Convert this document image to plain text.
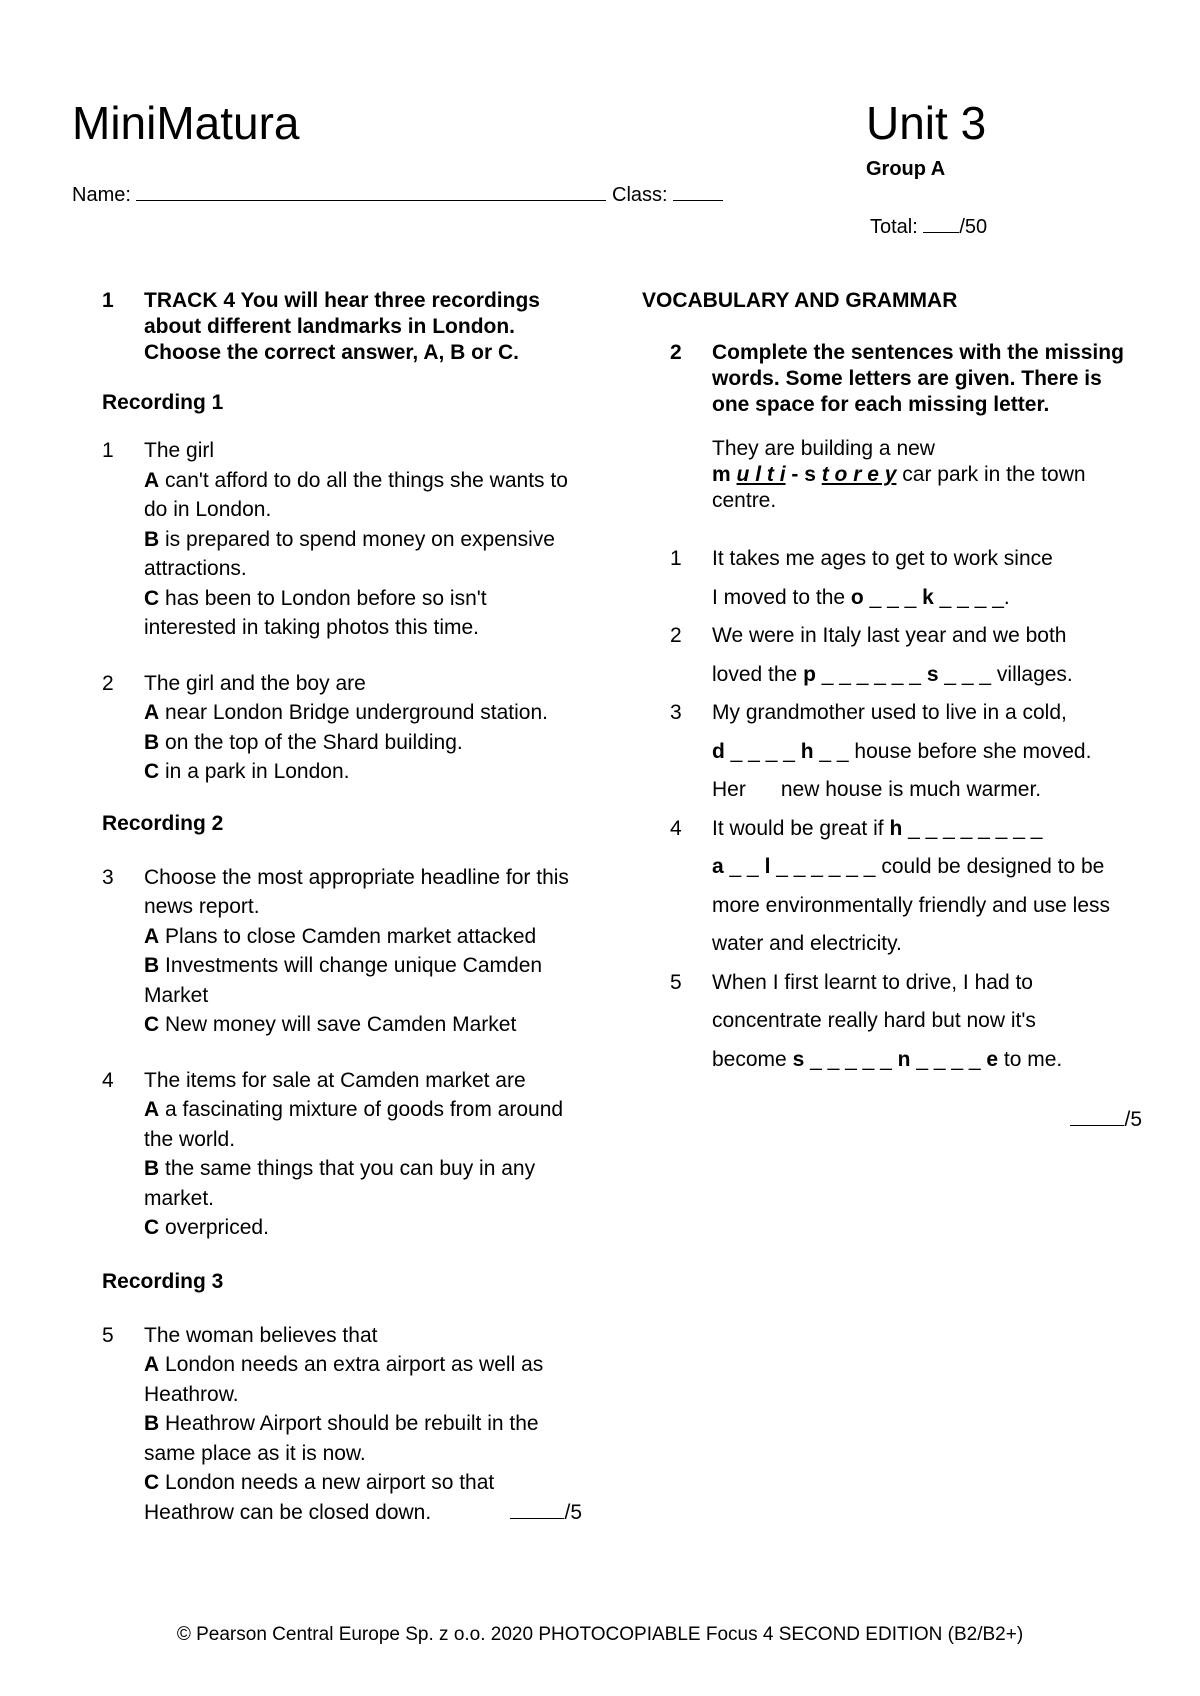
MiniMatura	Unit 3
Group A
Name:	Class:
Total: /50
1	TRACK 4 You will hear three recordings about different landmarks in London. Choose the correct answer, A, B or C.
Recording 1
1	The girl
A can't afford to do all the things she wants to do in London.
B is prepared to spend money on expensive attractions.
C has been to London before so isn't interested in taking photos this time.
2	The girl and the boy are
A near London Bridge underground station.
B on the top of the Shard building.
C in a park in London.
Recording 2
3	Choose the most appropriate headline for this news report.
A Plans to close Camden market attacked
B Investments will change unique Camden Market
C New money will save Camden Market
4	The items for sale at Camden market are
A a fascinating mixture of goods from around the world.
B the same things that you can buy in any market.
C overpriced.
Recording 3
5	The woman believes that
A London needs an extra airport as well as Heathrow.
B Heathrow Airport should be rebuilt in the same place as it is now.
C London needs a new airport so that Heathrow can be closed down.	/5
VOCABULARY AND GRAMMAR
2	Complete the sentences with the missing words. Some letters are given. There is one space for each missing letter.
They are building a new
m u l t i - s t o r e y car park in the town centre.
1	It takes me ages to get to work since
I moved to the o _ _ _ k _ _ _ _.
2	We were in Italy last year and we both
loved the p _ _ _ _ _ _ s _ _ _ villages.
3	My grandmother used to live in a cold,
d _ _ _ _ h _ _ house before she moved.
Her      new house is much warmer.
4	It would be great if h _ _ _ _ _ _ _ _
a _ _ l _ _ _ _ _ _ could be designed to be
more environmentally friendly and use less
water and electricity.
5	When I first learnt to drive, I had to
concentrate really hard but now it's
become s _ _ _ _ _ n _ _ _ _ e to me.
/5
© Pearson Central Europe Sp. z o.o. 2020 PHOTOCOPIABLE Focus 4 SECOND EDITION (B2/B2+)
